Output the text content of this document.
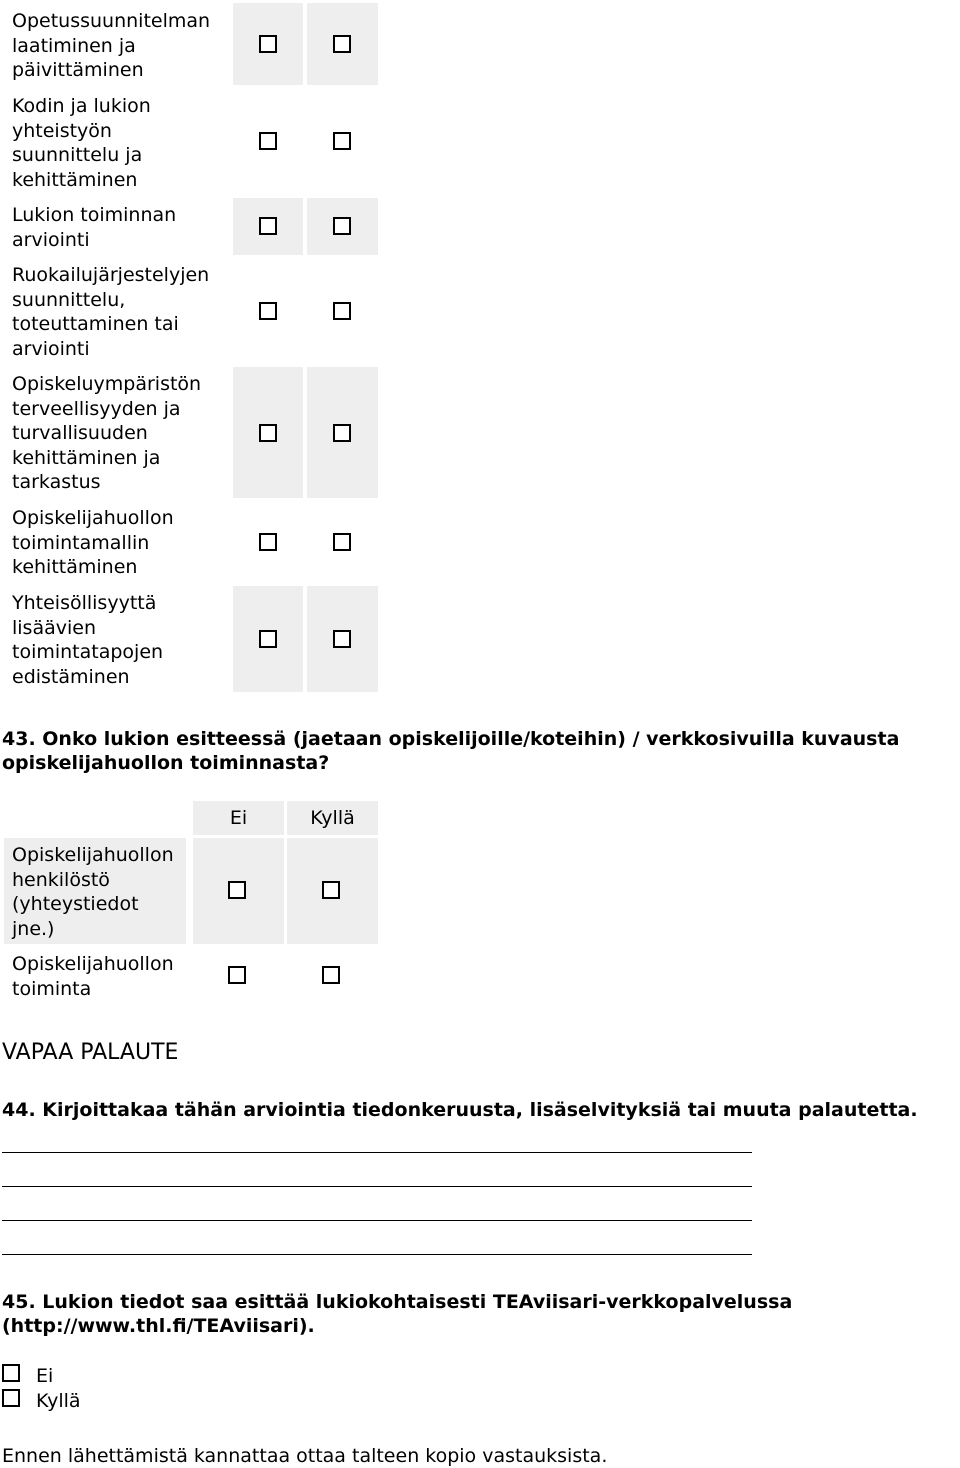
Opetussuunnitelman
laatiminen ja
päivittäminen
Kodin ja lukion
yhteistyön
suunnittelu ja
kehittäminen
Lukion toiminnan
arviointi
Ruokailujärjestelyjen
suunnittelu,
toteuttaminen tai
arviointi
Opiskeluympäristön
terveellisyyden ja
turvallisuuden
kehittäminen ja
tarkastus
Opiskelijahuollon
toimintamallin
kehittäminen
Yhteisöllisyyttä
lisäävien
toimintatapojen
edistäminen
43. Onko lukion esitteessä (jaetaan opiskelijoille/koteihin) / verkkosivuilla kuvausta
opiskelijahuollon toiminnasta?
Ei	Kyllä
Opiskelijahuollon
henkilöstö
(yhteystiedot
jne.)
Opiskelijahuollon
toiminta
VAPAA PALAUTE
44. Kirjoittakaa tähän arviointia tiedonkeruusta, lisäselvityksiä tai muuta palautetta.
45. Lukion tiedot saa esittää lukiokohtaisesti TEAviisari-verkkopalvelussa
(http://www.thl.fi/TEAviisari).
Ei
Kyllä
Ennen lähettämistä kannattaa ottaa talteen kopio vastauksista.
